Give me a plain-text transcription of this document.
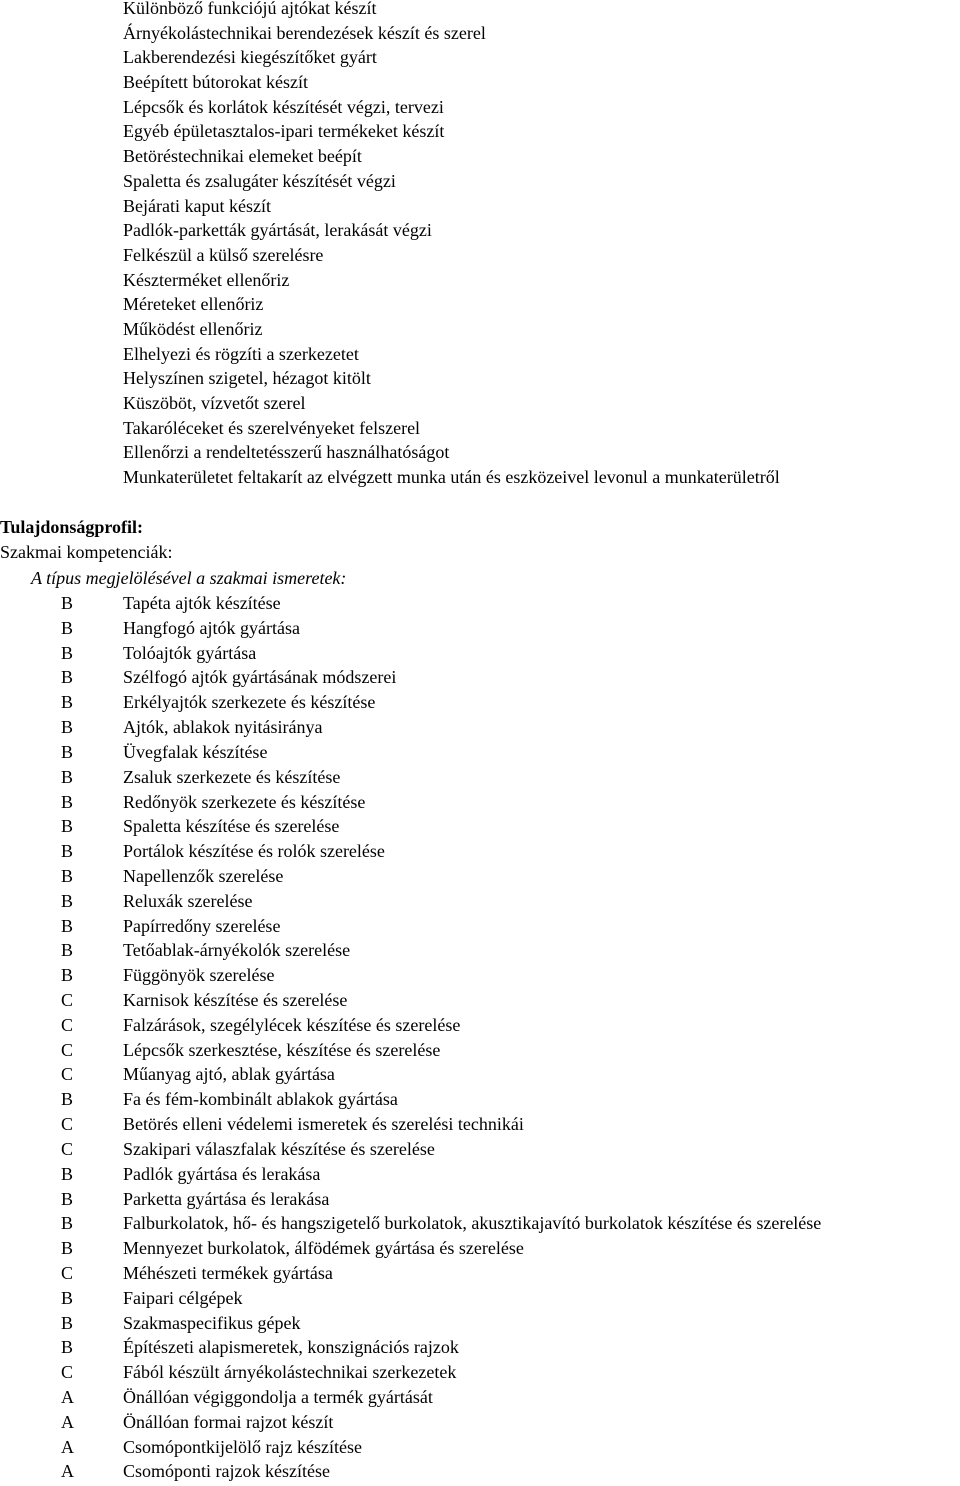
Különböző funkciójú ajtókat készít
Árnyékolástechnikai berendezések készít és szerel
Lakberendezési kiegészítőket gyárt
Beépített bútorokat készít
Lépcsők és korlátok készítését végzi, tervezi
Egyéb épületasztalos-ipari termékeket készít
Betöréstechnikai elemeket beépít
Spaletta és zsalugáter készítését végzi
Bejárati kaput készít
Padlók-parketták gyártását, lerakását végzi
Felkészül a külső szerelésre
Készterméket ellenőriz
Méreteket ellenőriz
Működést ellenőriz
Elhelyezi és rögzíti a szerkezetet
Helyszínen szigetel, hézagot kitölt
Küszöböt, vízvetőt szerel
Takaróléceket és szerelvényeket felszerel
Ellenőrzi a rendeltetésszerű használhatóságot
Munkaterületet feltakarít az elvégzett munka után és eszközeivel levonul a munkaterületről
Tulajdonságprofil:
Szakmai kompetenciák:
A típus megjelölésével a szakmai ismeretek:
B	Tapéta ajtók készítése
B	Hangfogó ajtók gyártása
B	Tolóajtók gyártása
B	Szélfogó ajtók gyártásának módszerei
B	Erkélyajtók szerkezete és készítése
B	Ajtók, ablakok nyitásiránya
B	Üvegfalak készítése
B	Zsaluk szerkezete és készítése
B	Redőnyök szerkezete és készítése
B	Spaletta készítése és szerelése
B	Portálok készítése és rolók szerelése
B	Napellenzők szerelése
B	Reluxák szerelése
B	Papírredőny szerelése
B	Tetőablak-árnyékolók szerelése
B	Függönyök szerelése
C	Karnisok készítése és szerelése
C	Falzárások, szegélylécek készítése és szerelése
C	Lépcsők szerkesztése, készítése és szerelése
C	Műanyag ajtó, ablak gyártása
B	Fa és fém-kombinált ablakok gyártása
C	Betörés elleni védelemi ismeretek és szerelési technikái
C	Szakipari válaszfalak készítése és szerelése
B	Padlók gyártása és lerakása
B	Parketta gyártása és lerakása
B	Falburkolatok, hő- és hangszigetelő burkolatok, akusztikajavító burkolatok készítése és szerelése
B	Mennyezet burkolatok, álfödémek gyártása és szerelése
C	Méhészeti termékek gyártása
B	Faipari célgépek
B	Szakmaspecifikus gépek
B	Építészeti alapismeretek, konszignációs rajzok
C	Fából készült árnyékolástechnikai szerkezetek
A	Önállóan végiggondolja a termék gyártását
A	Önállóan formai rajzot készít
A	Csomópontkijelölő rajz készítése
A	Csomóponti rajzok készítése
